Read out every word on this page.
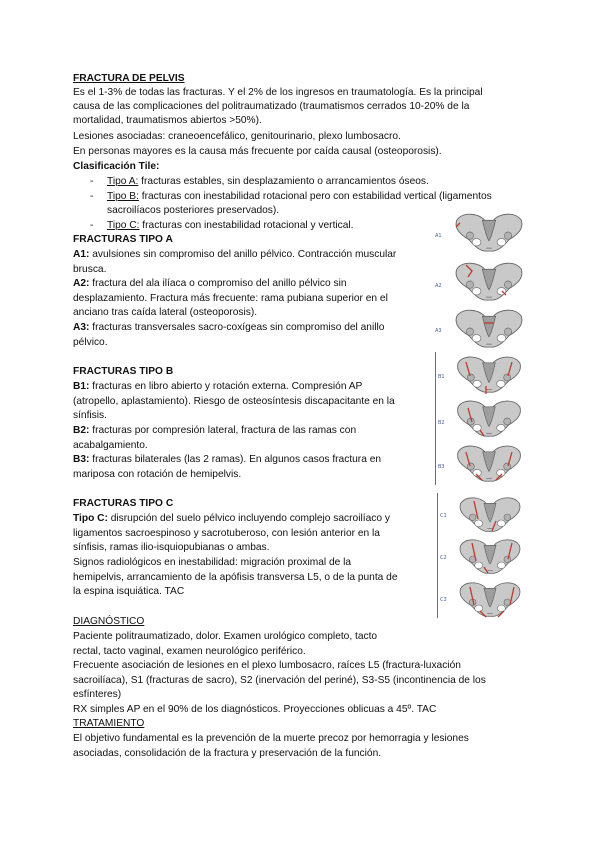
FRACTURA DE PELVIS
Es el 1-3% de todas las fracturas. Y el 2% de los ingresos en traumatología. Es la principal
causa de las complicaciones del politraumatizado (traumatismos cerrados 10-20% de la
mortalidad, traumatismos abiertos >50%).
Lesiones asociadas: craneoencefálico, genitourinario, plexo lumbosacro.
En personas mayores es la causa más frecuente por caída causal (osteoporosis).
Clasificación Tile:
- Tipo A: fracturas estables, sin desplazamiento o arrancamientos óseos.
- Tipo B: fracturas con inestabilidad rotacional pero con estabilidad vertical (ligamentos
sacroilíacos posteriores preservados).
- Tipo C: fracturas con inestabilidad rotacional y vertical.
FRACTURAS TIPO A
A1: avulsiones sin compromiso del anillo pélvico. Contracción muscular
brusca.
A2: fractura del ala ilíaca o compromiso del anillo pélvico sin
desplazamiento. Fractura más frecuente: rama pubiana superior en el
anciano tras caída lateral (osteoporosis).
A3: fracturas transversales sacro-coxígeas sin compromiso del anillo
pélvico.
FRACTURAS TIPO B
B1: fracturas en libro abierto y rotación externa. Compresión AP
(atropello, aplastamiento). Riesgo de osteosíntesis discapacitante en la
sínfisis.
B2: fracturas por compresión lateral, fractura de las ramas con
acabalgamiento.
B3: fracturas bilaterales (las 2 ramas). En algunos casos fractura en
mariposa con rotación de hemipelvis.
FRACTURAS TIPO C
Tipo C: disrupción del suelo pélvico incluyendo complejo sacroilíaco y
ligamentos sacroespinoso y sacrotuberoso, con lesión anterior en la
sínfisis, ramas ilio-isquiopubianas o ambas.
Signos radiológicos en inestabilidad: migración proximal de la
hemipelvis, arrancamiento de la apófisis transversa L5, o de la punta de
la espina isquiática. TAC
DIAGNÓSTICO
Paciente politraumatizado, dolor. Examen urológico completo, tacto
rectal, tacto vaginal, examen neurológico periférico.
Frecuente asociación de lesiones en el plexo lumbosacro, raíces L5 (fractura-luxación
sacroilíaca), S1 (fracturas de sacro), S2 (inervación del periné), S3-S5 (incontinencia de los
esfínteres)
RX simples AP en el 90% de los diagnósticos. Proyecciones oblicuas a 45º. TAC
TRATAMIENTO
El objetivo fundamental es la prevención de la muerte precoz por hemorragia y lesiones
asociadas, consolidación de la fractura y preservación de la función.
A1
A2
A3
B1
B2
B3
C1
C2
C3
